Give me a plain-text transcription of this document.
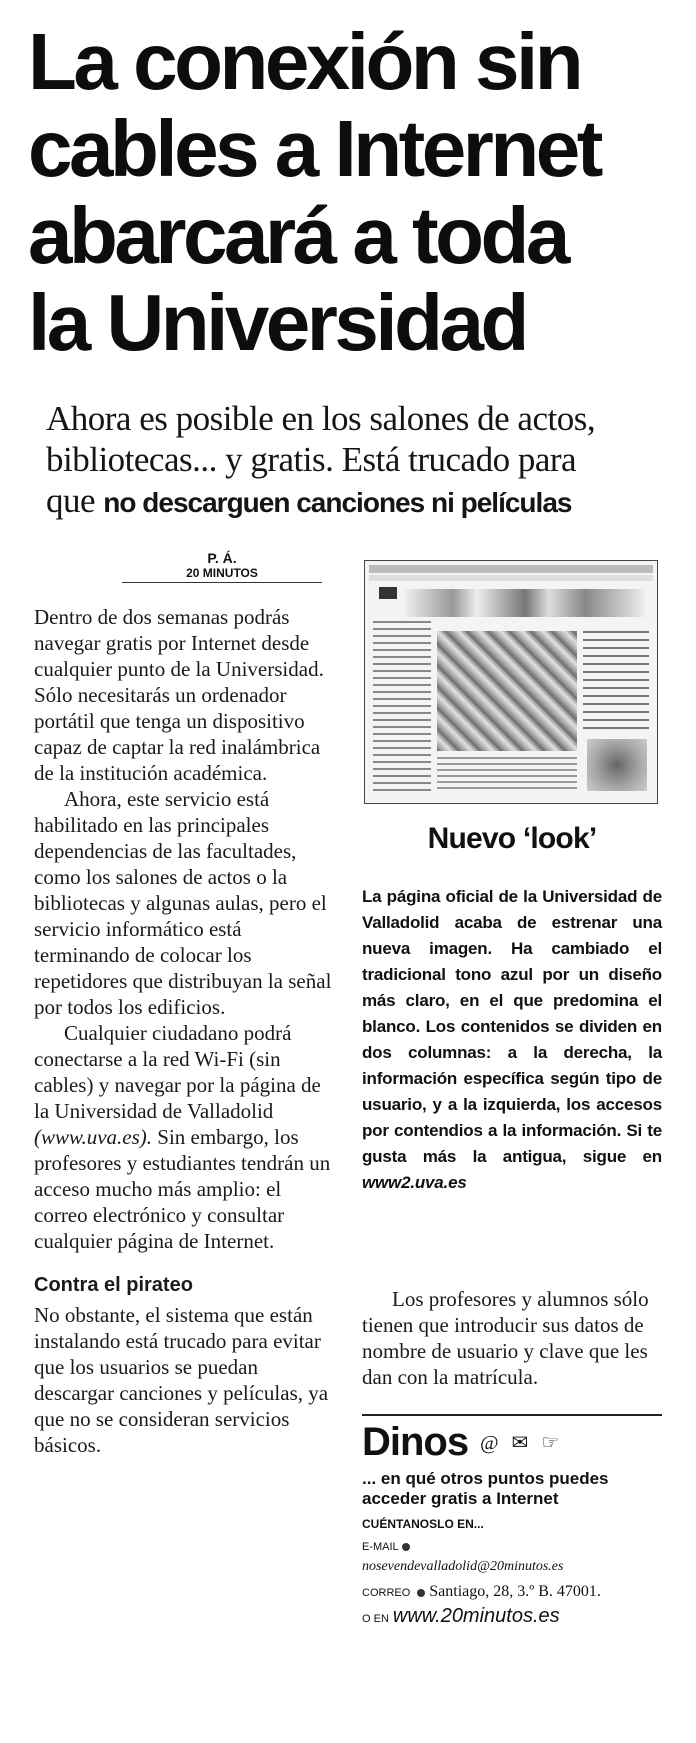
La conexión sin
cables a Internet
abarcará a toda
la Universidad
Ahora es posible en los salones de actos,
bibliotecas... y gratis. Está trucado para
que no descarguen canciones ni películas
P. Á.
20 MINUTOS

Dentro de dos semanas podrás navegar gratis por Internet desde cualquier punto de la Universidad. Sólo necesitarás un ordenador portátil que tenga un dispositivo capaz de captar la red inalámbrica de la institución académica.

Ahora, este servicio está habilitado en las principales dependencias de las facultades, como los salones de actos o la bibliotecas y algunas aulas, pero el servicio informático está terminando de colocar los repetidores que distribuyan la señal por todos los edificios.

Cualquier ciudadano podrá conectarse a la red Wi-Fi (sin cables) y navegar por la página de la Universidad de Valladolid (www.uva.es). Sin embargo, los profesores y estudiantes tendrán un acceso mucho más amplio: el correo electrónico y consultar cualquier página de Internet.

Contra el pirateo

No obstante, el sistema que están instalando está trucado para evitar que los usuarios se puedan descargar canciones y películas, ya que no se consideran servicios básicos.

Nuevo ‘look’
La página oficial de la Universidad de Valladolid acaba de estrenar una nueva imagen. Ha cambiado el tradicional tono azul por un diseño más claro, en el que predomina el blanco. Los contenidos se dividen en dos columnas: a la derecha, la información específica según tipo de usuario, y a la izquierda, los accesos por contendios a la información. Si te gusta más la antigua, sigue en www2.uva.es
Los profesores y alumnos sólo tienen que introducir sus datos de nombre de usuario y clave que les dan con la matrícula.
Dinos @ ✉ ☞
... en qué otros puntos puedes acceder gratis a Internet
CUÉNTANOSLO EN...
E-MAIL
nosevendevalladolid@20minutos.es
CORREO Santiago, 28, 3.º B. 47001.
O EN www.20minutos.es
